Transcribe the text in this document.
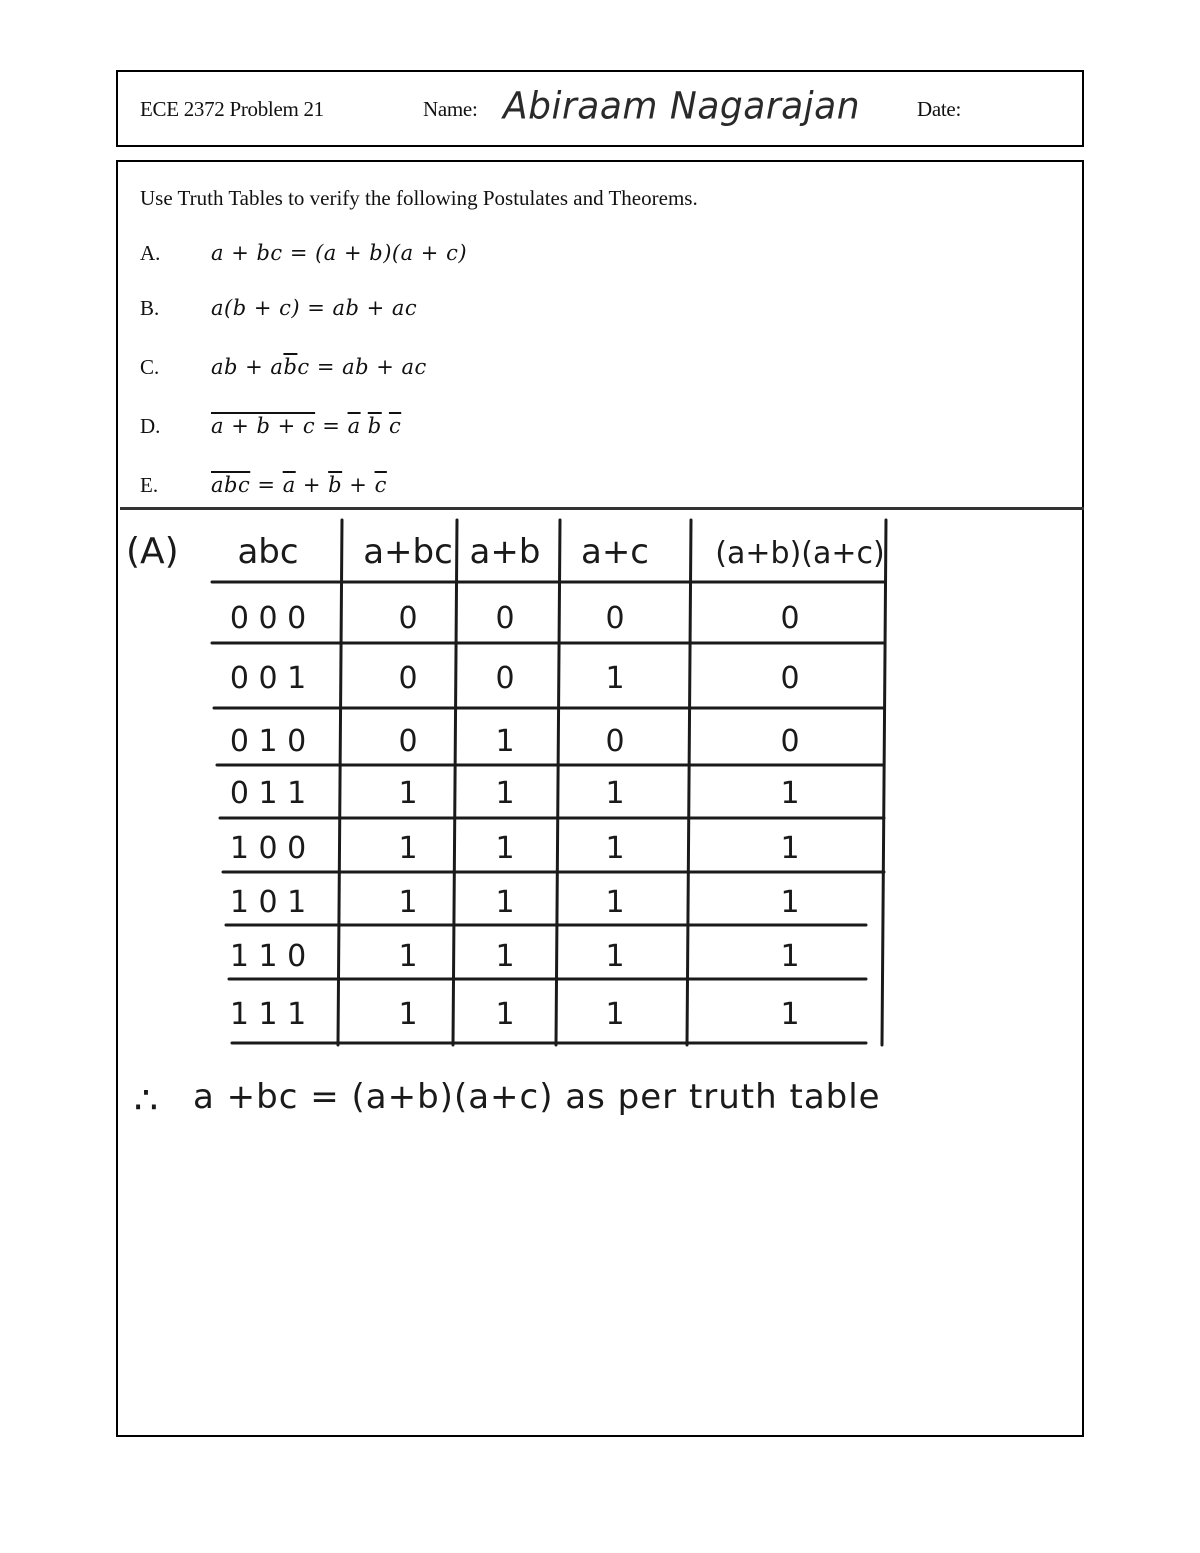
ECE 2372 Problem 21	Name: Abiraam Nagarajan	Date:
Use Truth Tables to verify the following Postulates and Theorems.
A. a + bc = (a + b)(a + c)
B. a(b + c) = ab + ac
C. ab + $a\overline{b}c$ = ab + ac
D. $a + b + c = \overline{a}$ $\overline{b}$ $\overline{c}$
E.	$\overline{abc} = \overline{a} + \overline{b} + \overline{c}$
(A) abc a+bc a+b a+c (a+b)(a+c)
0 0 0	0	0	0	0
0 0 1	0	0	1	0
0 1 0	0	1	0	0
0 1 1	1	1	1	1
1 0 0	1	1	1	1
1 0 1	1	1	1	1
1 1 0	1	1	1	1
1 1 1	1	1	1	1
∴ a +bc = (a+b)(a+c) as per truth table
